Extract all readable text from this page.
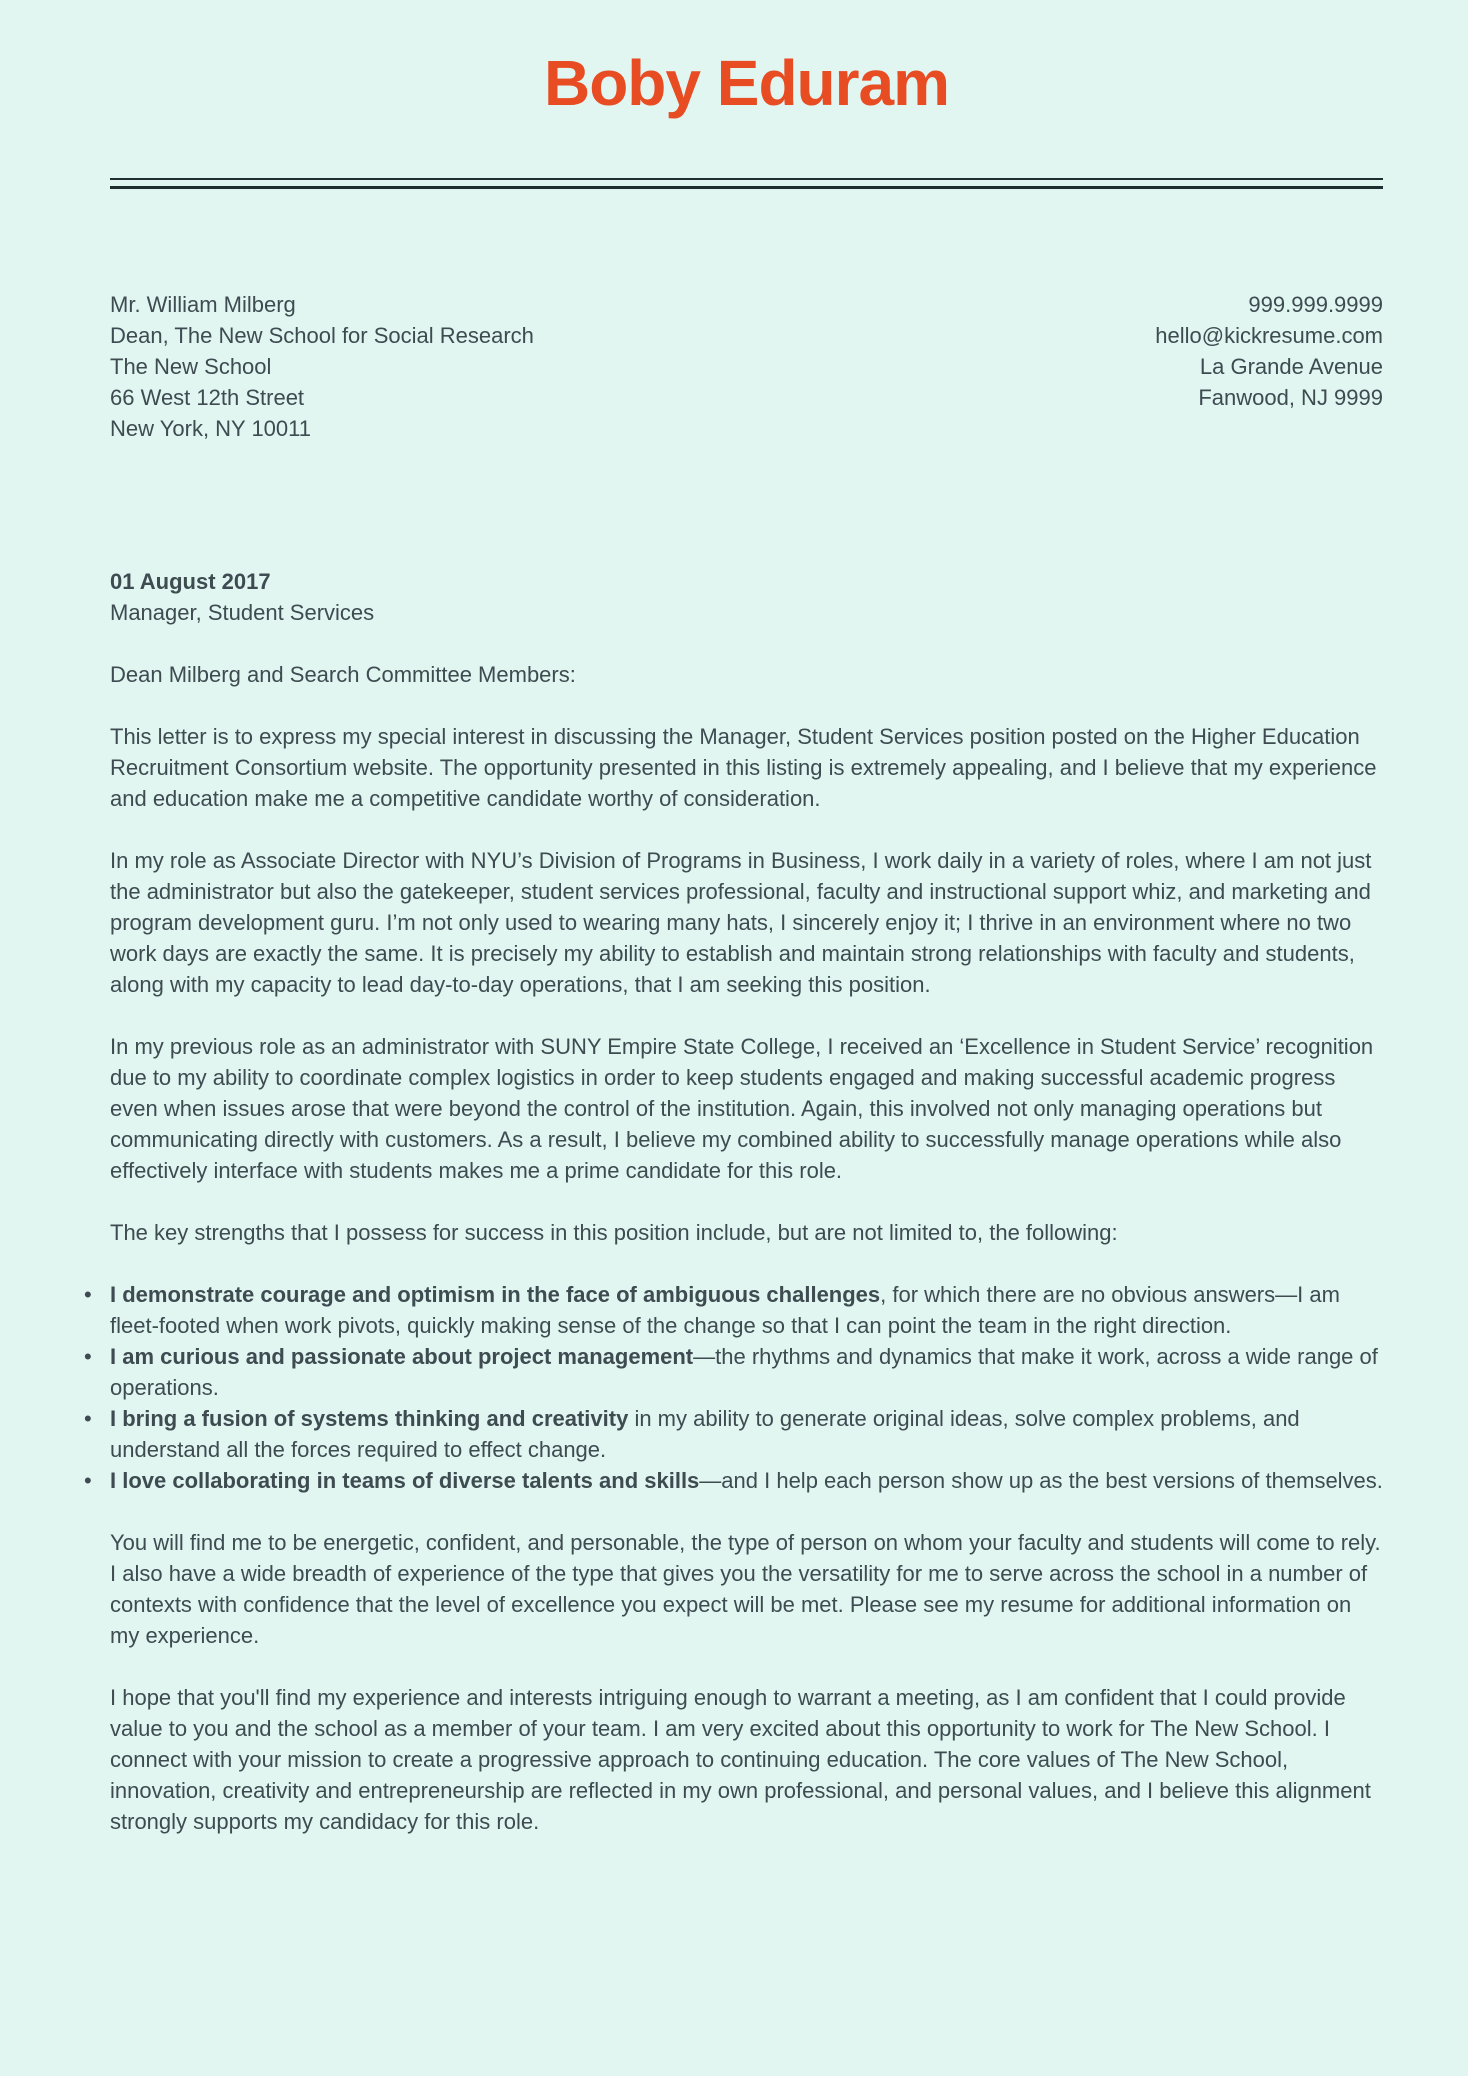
Boby Eduram
Mr. William Milberg
Dean, The New School for Social Research
The New School
66 West 12th Street
New York, NY 10011
999.999.9999
hello@kickresume.com
La Grande Avenue
Fanwood, NJ 9999
01 August 2017
Manager, Student Services
Dean Milberg and Search Committee Members:

This letter is to express my special interest in discussing the Manager, Student Services position posted on the Higher Education Recruitment Consortium website. The opportunity presented in this listing is extremely appealing, and I believe that my experience and education make me a competitive candidate worthy of consideration.

In my role as Associate Director with NYU’s Division of Programs in Business, I work daily in a variety of roles, where I am not just the administrator but also the gatekeeper, student services professional, faculty and instructional support whiz, and marketing and program development guru. I’m not only used to wearing many hats, I sincerely enjoy it; I thrive in an environment where no two work days are exactly the same. It is precisely my ability to establish and maintain strong relationships with faculty and students, along with my capacity to lead day-to-day operations, that I am seeking this position.

In my previous role as an administrator with SUNY Empire State College, I received an ‘Excellence in Student Service’ recognition due to my ability to coordinate complex logistics in order to keep students engaged and making successful academic progress even when issues arose that were beyond the control of the institution. Again, this involved not only managing operations but communicating directly with customers. As a result, I believe my combined ability to successfully manage operations while also effectively interface with students makes me a prime candidate for this role.

The key strengths that I possess for success in this position include, but are not limited to, the following:

• I demonstrate courage and optimism in the face of ambiguous challenges, for which there are no obvious answers—I am fleet-footed when work pivots, quickly making sense of the change so that I can point the team in the right direction.
• I am curious and passionate about project management—the rhythms and dynamics that make it work, across a wide range of operations.
• I bring a fusion of systems thinking and creativity in my ability to generate original ideas, solve complex problems, and understand all the forces required to effect change.
• I love collaborating in teams of diverse talents and skills—and I help each person show up as the best versions of themselves.

You will find me to be energetic, confident, and personable, the type of person on whom your faculty and students will come to rely. I also have a wide breadth of experience of the type that gives you the versatility for me to serve across the school in a number of contexts with confidence that the level of excellence you expect will be met. Please see my resume for additional information on my experience.

I hope that you'll find my experience and interests intriguing enough to warrant a meeting, as I am confident that I could provide value to you and the school as a member of your team. I am very excited about this opportunity to work for The New School. I connect with your mission to create a progressive approach to continuing education. The core values of The New School, innovation, creativity and entrepreneurship are reflected in my own professional, and personal values, and I believe this alignment strongly supports my candidacy for this role.
